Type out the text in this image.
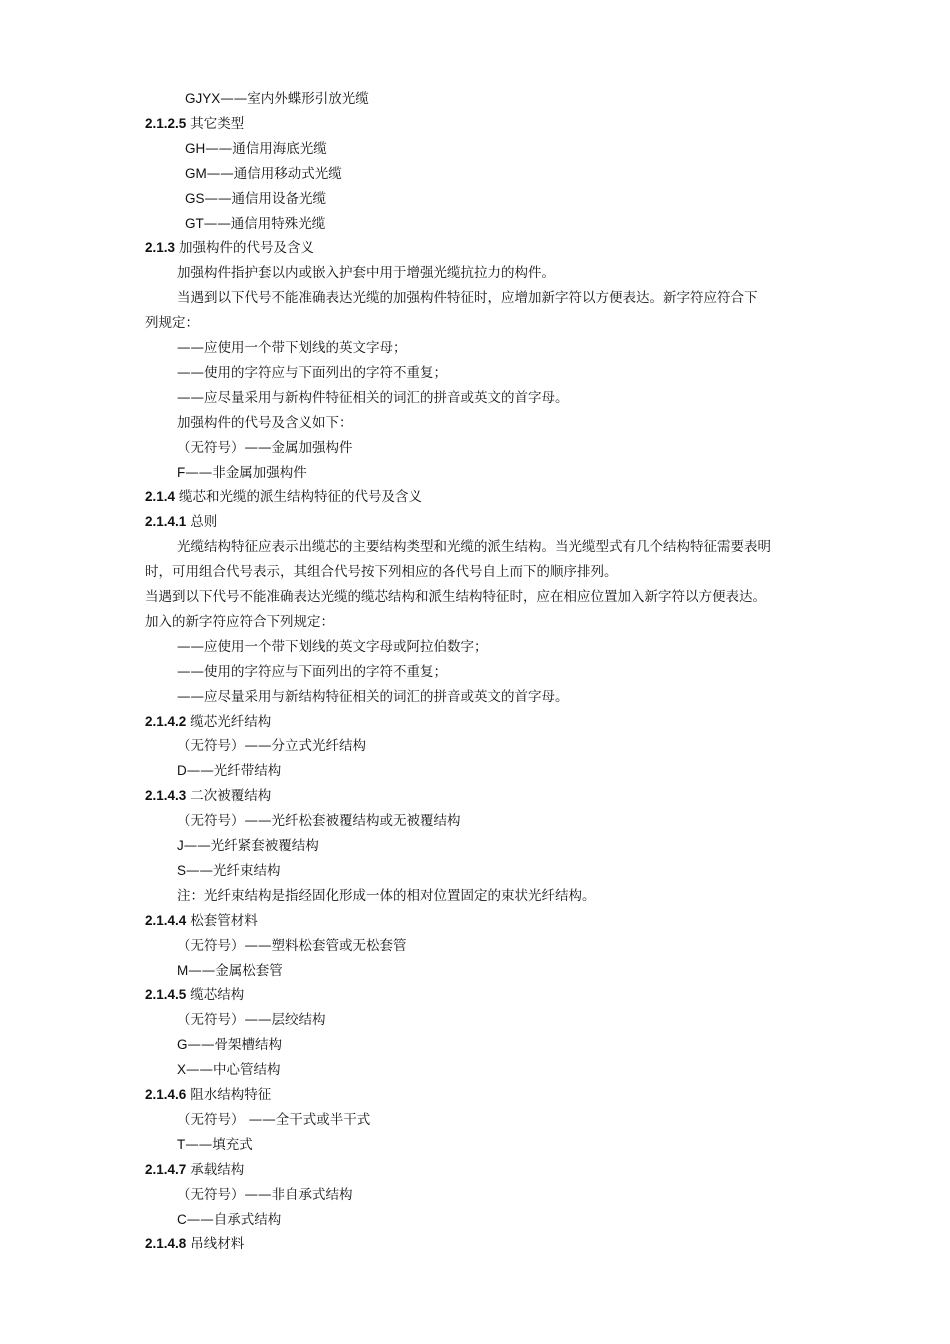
GJYX——室内外蝶形引放光缆
2.1.2.5 其它类型
GH——通信用海底光缆
GM——通信用移动式光缆
GS——通信用设备光缆
GT——通信用特殊光缆
2.1.3 加强构件的代号及含义
加强构件指护套以内或嵌入护套中用于增强光缆抗拉力的构件。
当遇到以下代号不能准确表达光缆的加强构件特征时，应增加新字符以方便表达。新字符应符合下
列规定：
——应使用一个带下划线的英文字母；
——使用的字符应与下面列出的字符不重复；
——应尽量采用与新构件特征相关的词汇的拼音或英文的首字母。
加强构件的代号及含义如下：
（无符号）——金属加强构件
F——非金属加强构件
2.1.4 缆芯和光缆的派生结构特征的代号及含义
2.1.4.1 总则
光缆结构特征应表示出缆芯的主要结构类型和光缆的派生结构。当光缆型式有几个结构特征需要表明
时，可用组合代号表示，其组合代号按下列相应的各代号自上而下的顺序排列。
当遇到以下代号不能准确表达光缆的缆芯结构和派生结构特征时，应在相应位置加入新字符以方便表达。
加入的新字符应符合下列规定：
——应使用一个带下划线的英文字母或阿拉伯数字；
——使用的字符应与下面列出的字符不重复；
——应尽量采用与新结构特征相关的词汇的拼音或英文的首字母。
2.1.4.2 缆芯光纤结构
（无符号）——分立式光纤结构
D——光纤带结构
2.1.4.3 二次被覆结构
（无符号）——光纤松套被覆结构或无被覆结构
J——光纤紧套被覆结构
S——光纤束结构
注：光纤束结构是指经固化形成一体的相对位置固定的束状光纤结构。
2.1.4.4 松套管材料
（无符号）——塑料松套管或无松套管
M——金属松套管
2.1.4.5 缆芯结构
（无符号）——层绞结构
G——骨架槽结构
X——中心管结构
2.1.4.6 阻水结构特征
（无符号） ——全干式或半干式
T——填充式
2.1.4.7 承载结构
（无符号）——非自承式结构
C——自承式结构
2.1.4.8 吊线材料
